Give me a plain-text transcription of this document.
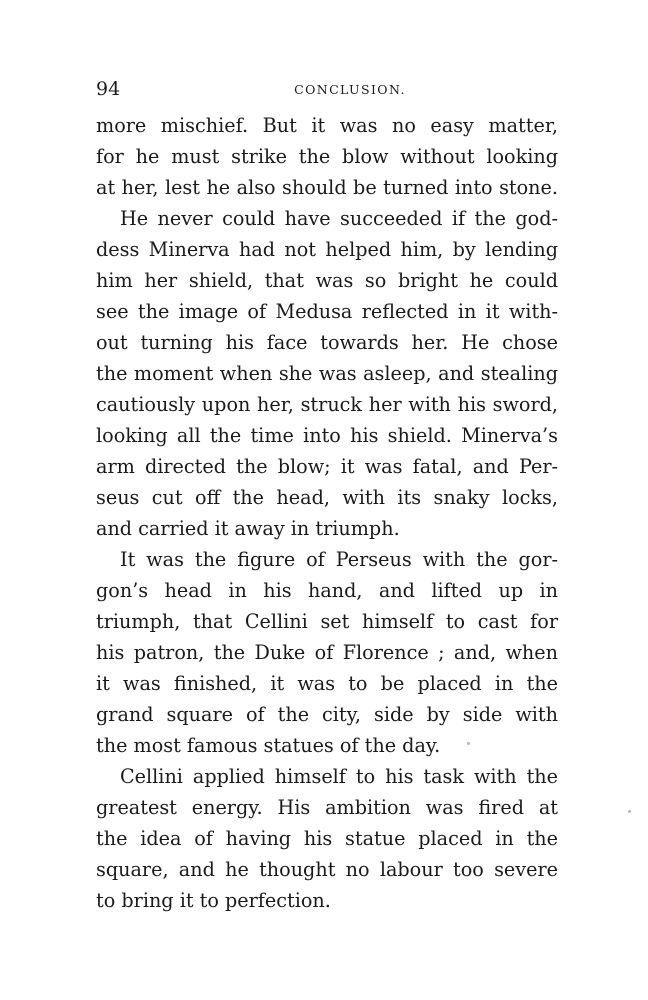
94	CONCLUSION.
more mischief. But it was no easy matter,
for he must strike the blow without looking
at her, lest he also should be turned into stone.
He never could have succeeded if the god-
dess Minerva had not helped him, by lending
him her shield, that was so bright he could
see the image of Medusa reflected in it with-
out turning his face towards her. He chose
the moment when she was asleep, and stealing
cautiously upon her, struck her with his sword,
looking all the time into his shield. Minerva’s
arm directed the blow; it was fatal, and Per-
seus cut off the head, with its snaky locks,
and carried it away in triumph.
It was the figure of Perseus with the gor-
gon’s head in his hand, and lifted up in
triumph, that Cellini set himself to cast for
his patron, the Duke of Florence ; and, when
it was finished, it was to be placed in the
grand square of the city, side by side with
the most famous statues of the day.
Cellini applied himself to his task with the
greatest energy. His ambition was fired at
the idea of having his statue placed in the
square, and he thought no labour too severe
to bring it to perfection.
